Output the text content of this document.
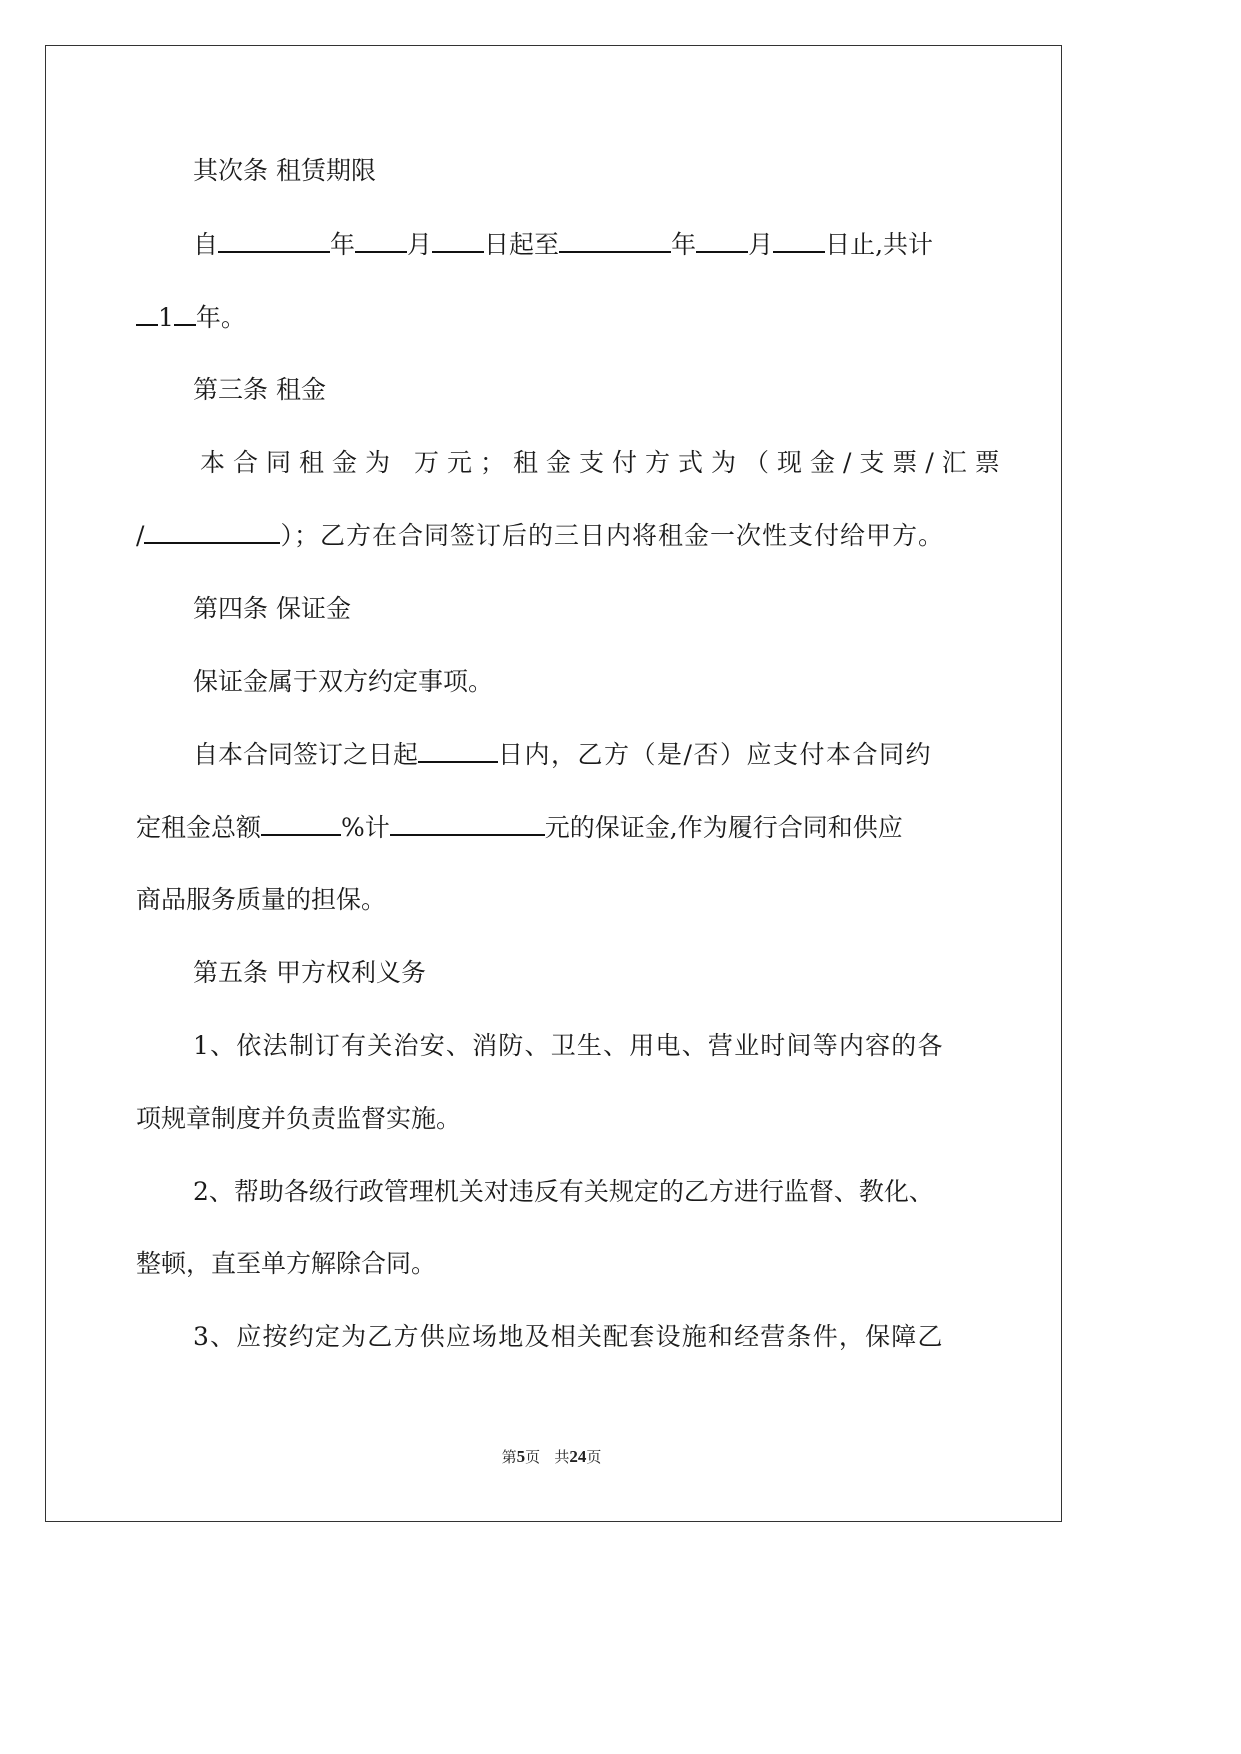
其次条 租赁期限
自	年 月 日起至	年 月 日止,共计
1 年。
第三条 租金
本合同租金为 万元；租金支付方式为（现金/支票/汇票
/	）；乙方在合同签订后的三日内将租金一次性支付给甲方。
第四条 保证金
保证金属于双方约定事项。
自本合同签订之日起	日内，乙方（是/否）应支付本合同约
定租金总额	%计	元的保证金,作为履行合同和供应
商品服务质量的担保。
第五条 甲方权利义务
1、依法制订有关治安、消防、卫生、用电、营业时间等内容的各
项规章制度并负责监督实施。
2、帮助各级行政管理机关对违反有关规定的乙方进行监督、教化、
整顿，直至单方解除合同。
3、应按约定为乙方供应场地及相关配套设施和经营条件，保障乙
第5页   共24页
